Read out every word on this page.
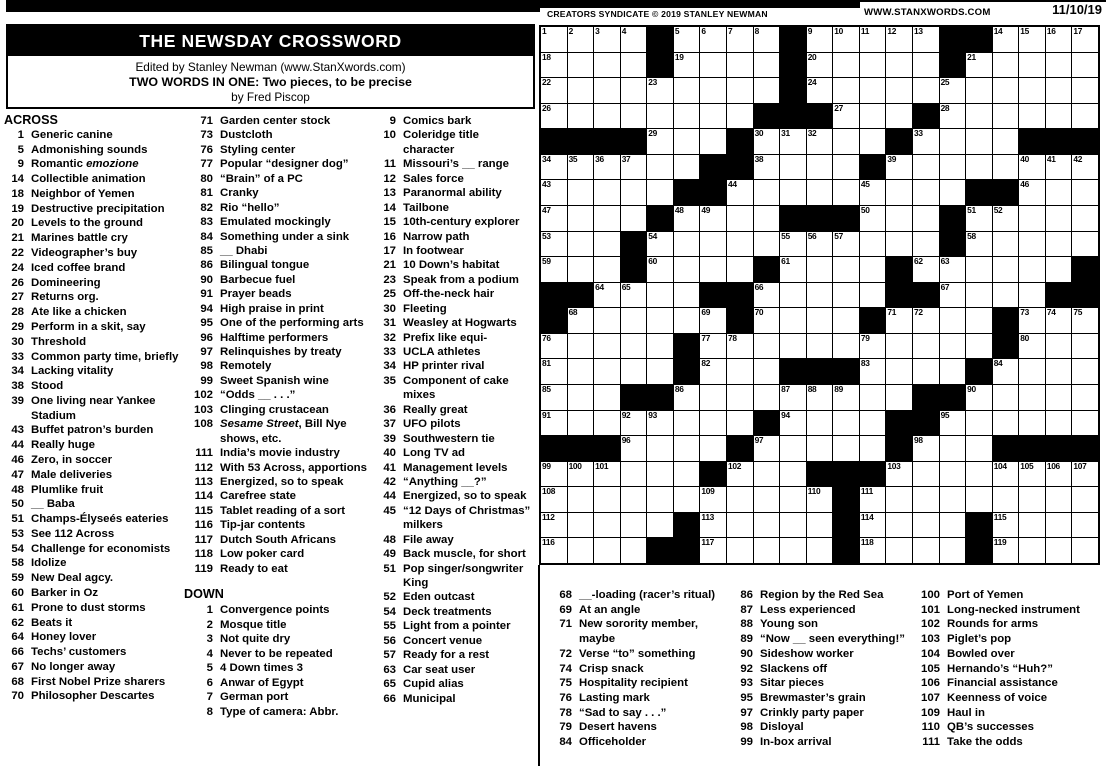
CREATORS SYNDICATE © 2019 STANLEY NEWMAN	WWW.STANXWORDS.COM	11/10/19
THE NEWSDAY CROSSWORD
Edited by Stanley Newman (www.StanXwords.com)
TWO WORDS IN ONE: Two pieces, to be precise
by Fred Piscop
ACROSS
1 Generic canine
5 Admonishing sounds
9 Romantic emozione
14 Collectible animation
18 Neighbor of Yemen
19 Destructive precipitation
20 Levels to the ground
21 Marines battle cry
22 Videographer’s buy
24 Iced coffee brand
26 Domineering
27 Returns org.
28 Ate like a chicken
29 Perform in a skit, say
30 Threshold
33 Common party time, briefly
34 Lacking vitality
38 Stood
39 One living near Yankee Stadium
43 Buffet patron’s burden
44 Really huge
46 Zero, in soccer
47 Male deliveries
48 Plumlike fruit
50 __ Baba
51 Champs-Élyseés eateries
53 See 112 Across
54 Challenge for economists
58 Idolize
59 New Deal agcy.
60 Barker in Oz
61 Prone to dust storms
62 Beats it
64 Honey lover
66 Techs’ customers
67 No longer away
68 First Nobel Prize sharers
70 Philosopher Descartes
71 Garden center stock
73 Dustcloth
76 Styling center
77 Popular “designer dog”
80 “Brain” of a PC
81 Cranky
82 Rio “hello”
83 Emulated mockingly
84 Something under a sink
85 __ Dhabi
86 Bilingual tongue
90 Barbecue fuel
91 Prayer beads
94 High praise in print
95 One of the performing arts
96 Halftime performers
97 Relinquishes by treaty
98 Remotely
99 Sweet Spanish wine
102 “Odds __ . . .”
103 Clinging crustacean
108 Sesame Street, Bill Nye shows, etc.
111 India’s movie industry
112 With 53 Across, apportions
113 Energized, so to speak
114 Carefree state
115 Tablet reading of a sort
116 Tip-jar contents
117 Dutch South Africans
118 Low poker card
119 Ready to eat
DOWN
1 Convergence points
2 Mosque title
3 Not quite dry
4 Never to be repeated
5 4 Down times 3
6 Anwar of Egypt
7 German port
8 Type of camera: Abbr.
9 Comics bark
10 Coleridge title character
11 Missouri’s __ range
12 Sales force
13 Paranormal ability
14 Tailbone
15 10th-century explorer
16 Narrow path
17 In footwear
21 10 Down’s habitat
23 Speak from a podium
25 Off-the-neck hair
30 Fleeting
31 Weasley at Hogwarts
32 Prefix like equi-
33 UCLA athletes
34 HP printer rival
35 Component of cake mixes
36 Really great
37 UFO pilots
39 Southwestern tie
40 Long TV ad
41 Management levels
42 “Anything __?”
44 Energized, so to speak
45 “12 Days of Christmas” milkers
48 File away
49 Back muscle, for short
51 Pop singer/songwriter King
52 Eden outcast
54 Deck treatments
55 Light from a pointer
56 Concert venue
57 Ready for a rest
63 Car seat user
65 Cupid alias
66 Municipal
1	2	3	4	5	6	7	8	9	10 11 12 13	14 15 16 17
18	19	20	21
22	23	24	25
26	27	28
29	30 31 32	33
34 35 36 37	38	39	40 41 42
43	44	45	46
47	48 49	50	51 52
53	54	55 56 57	58
59	60	61	62 63
64 65	66	67
68	69	70	71 72	73 74 75
76	77 78	79	80
81	82	83	84
85	86	87 88 89	90
91	92 93	94	95
96	97	98
99 100 101	102	103	104 105 106 107
108	109	110	111
112	113	114	115
116	117	118	119
68 __-loading (racer’s ritual)
69 At an angle
71 New sorority member, maybe
72 Verse “to” something
74 Crisp snack
75 Hospitality recipient
76 Lasting mark
78 “Sad to say . . .”
79 Desert havens
84 Officeholder
86 Region by the Red Sea
87 Less experienced
88 Young son
89 “Now __ seen everything!”
90 Sideshow worker
92 Slackens off
93 Sitar pieces
95 Brewmaster’s grain
97 Crinkly party paper
98 Disloyal
99 In-box arrival
100 Port of Yemen
101 Long-necked instrument
102 Rounds for arms
103 Piglet’s pop
104 Bowled over
105 Hernando’s “Huh?”
106 Financial assistance
107 Keenness of voice
109 Haul in
110 QB’s successes
111 Take the odds
